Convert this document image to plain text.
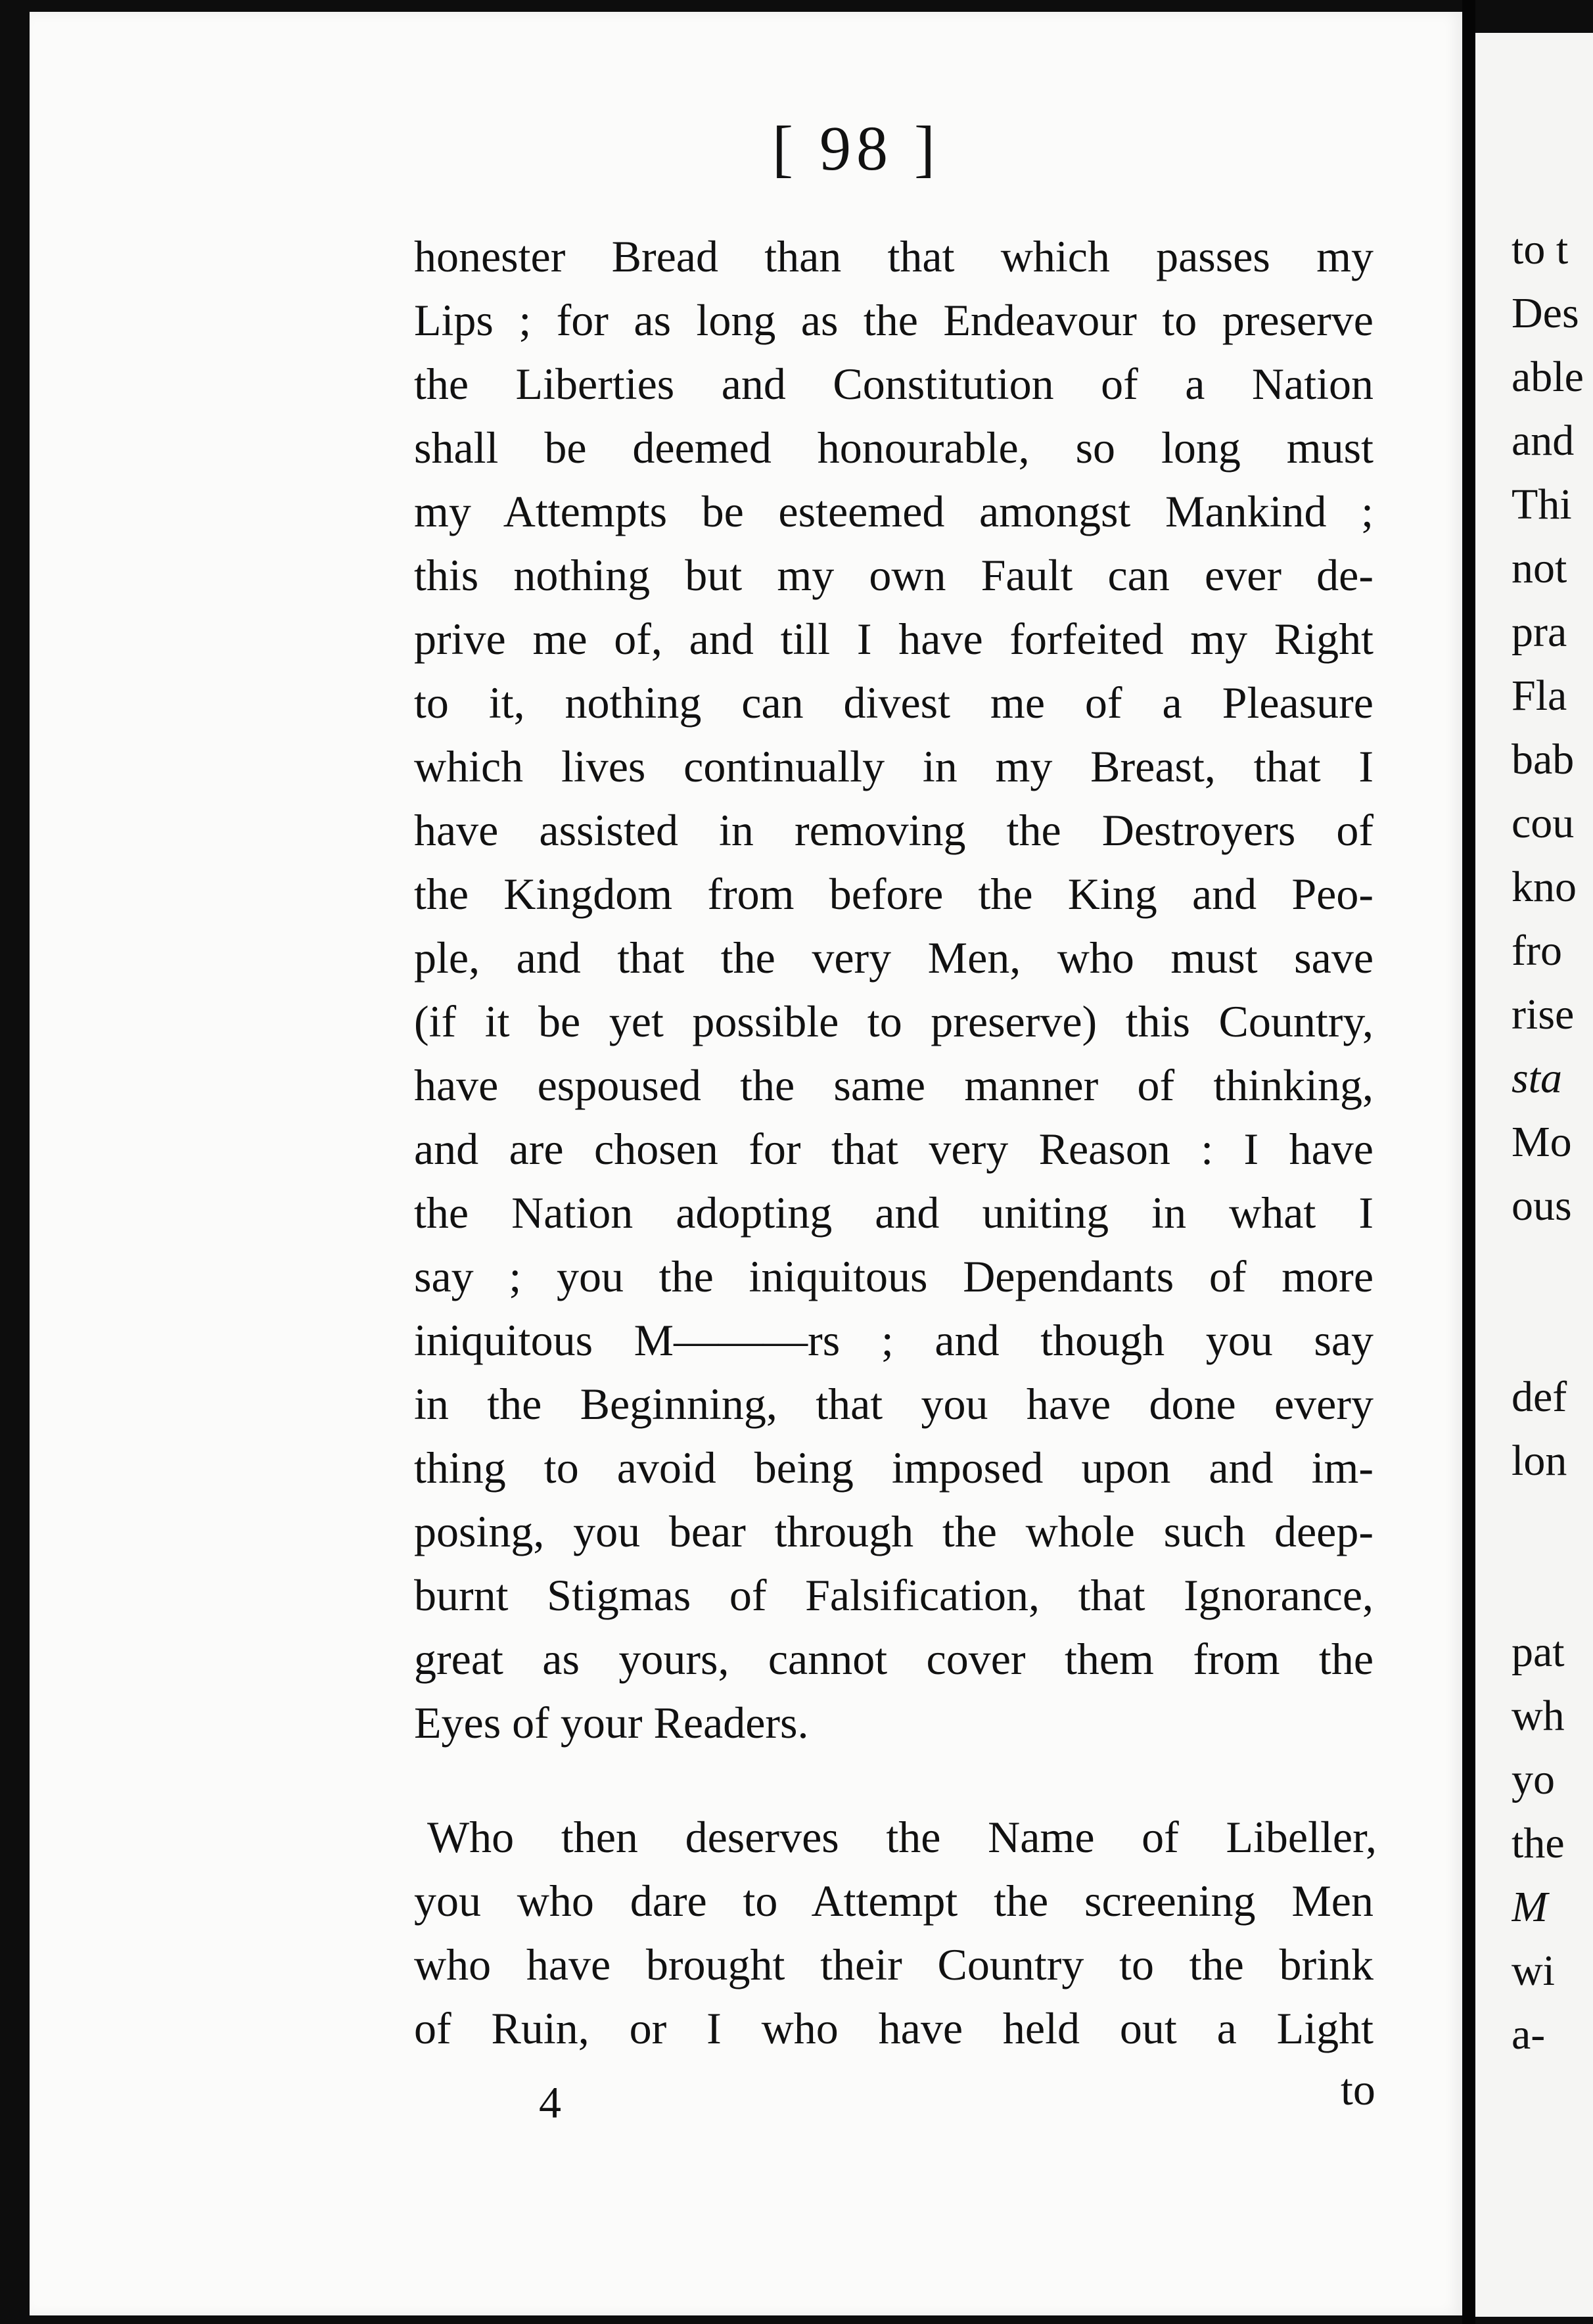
[ 98 ]
honester Bread than that which passes my
Lips ; for as long as the Endeavour to preserve
the Liberties and Constitution of a Nation
shall be deemed honourable, so long must
my Attempts be esteemed amongst Mankind ;
this nothing but my own Fault can ever de-
prive me of, and till I have forfeited my Right
to it, nothing can divest me of a Pleasure
which lives continually in my Breast, that I
have assisted in removing the Destroyers of
the Kingdom from before the King and Peo-
ple, and that the very Men, who must save
(if it be yet possible to preserve) this Country,
have espoused the same manner of thinking,
and are chosen for that very Reason : I have
the Nation adopting and uniting in what I
say ; you the iniquitous Dependants of more
iniquitous M———rs ; and though you say
in the Beginning, that you have done every
thing to avoid being imposed upon and im-
posing, you bear through the whole such deep-
burnt Stigmas of Falsification, that Ignorance,
great as yours, cannot cover them from the
Eyes of your Readers.
Who then deserves the Name of Libeller,
you who dare to Attempt the screening Men
who have brought their Country to the brink
of Ruin, or I who have held out a Light
4	to
to t
Des
able
and
Thi
not
pra
Fla
bab
cou
kno
fro
rise
sta
Mo
ous
def
lon
pat
wh
yo
the
M
wi
a-
